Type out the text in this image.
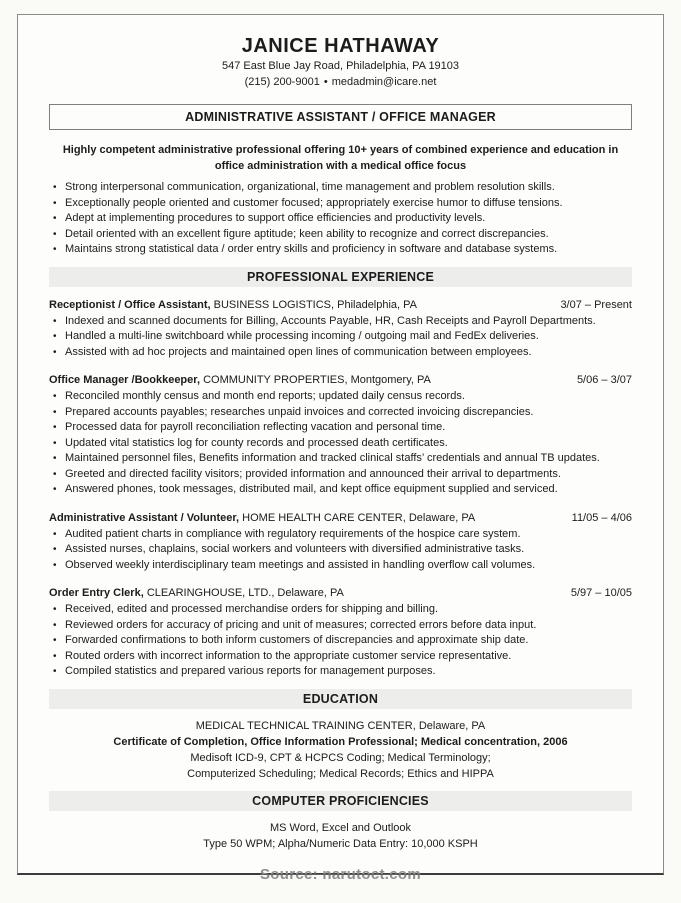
JANICE HATHAWAY
547 East Blue Jay Road, Philadelphia, PA 19103
(215) 200-9001 • medadmin@icare.net
ADMINISTRATIVE ASSISTANT / OFFICE MANAGER
Highly competent administrative professional offering 10+ years of combined experience and education in office administration with a medical office focus
• Strong interpersonal communication, organizational, time management and problem resolution skills.
• Exceptionally people oriented and customer focused; appropriately exercise humor to diffuse tensions.
• Adept at implementing procedures to support office efficiencies and productivity levels.
• Detail oriented with an excellent figure aptitude; keen ability to recognize and correct discrepancies.
• Maintains strong statistical data / order entry skills and proficiency in software and database systems.
PROFESSIONAL EXPERIENCE
Receptionist / Office Assistant, BUSINESS LOGISTICS, Philadelphia, PA	3/07 – Present
• Indexed and scanned documents for Billing, Accounts Payable, HR, Cash Receipts and Payroll Departments.
• Handled a multi-line switchboard while processing incoming / outgoing mail and FedEx deliveries.
• Assisted with ad hoc projects and maintained open lines of communication between employees.
Office Manager /Bookkeeper, COMMUNITY PROPERTIES, Montgomery, PA	5/06 – 3/07
• Reconciled monthly census and month end reports; updated daily census records.
• Prepared accounts payables; researches unpaid invoices and corrected invoicing discrepancies.
• Processed data for payroll reconciliation reflecting vacation and personal time.
• Updated vital statistics log for county records and processed death certificates.
• Maintained personnel files, Benefits information and tracked clinical staffs’ credentials and annual TB updates.
• Greeted and directed facility visitors; provided information and announced their arrival to departments.
• Answered phones, took messages, distributed mail, and kept office equipment supplied and serviced.
Administrative Assistant / Volunteer, HOME HEALTH CARE CENTER, Delaware, PA	11/05 – 4/06
• Audited patient charts in compliance with regulatory requirements of the hospice care system.
• Assisted nurses, chaplains, social workers and volunteers with diversified administrative tasks.
• Observed weekly interdisciplinary team meetings and assisted in handling overflow call volumes.
Order Entry Clerk, CLEARINGHOUSE, LTD., Delaware, PA	5/97 – 10/05
• Received, edited and processed merchandise orders for shipping and billing.
• Reviewed orders for accuracy of pricing and unit of measures; corrected errors before data input.
• Forwarded confirmations to both inform customers of discrepancies and approximate ship date.
• Routed orders with incorrect information to the appropriate customer service representative.
• Compiled statistics and prepared various reports for management purposes.
EDUCATION
MEDICAL TECHNICAL TRAINING CENTER, Delaware, PA
Certificate of Completion, Office Information Professional; Medical concentration, 2006
Medisoft ICD-9, CPT & HCPCS Coding; Medical Terminology;
Computerized Scheduling; Medical Records; Ethics and HIPPA
COMPUTER PROFICIENCIES
MS Word, Excel and Outlook
Type 50 WPM; Alpha/Numeric Data Entry: 10,000 KSPH
Source: narutoct.com
